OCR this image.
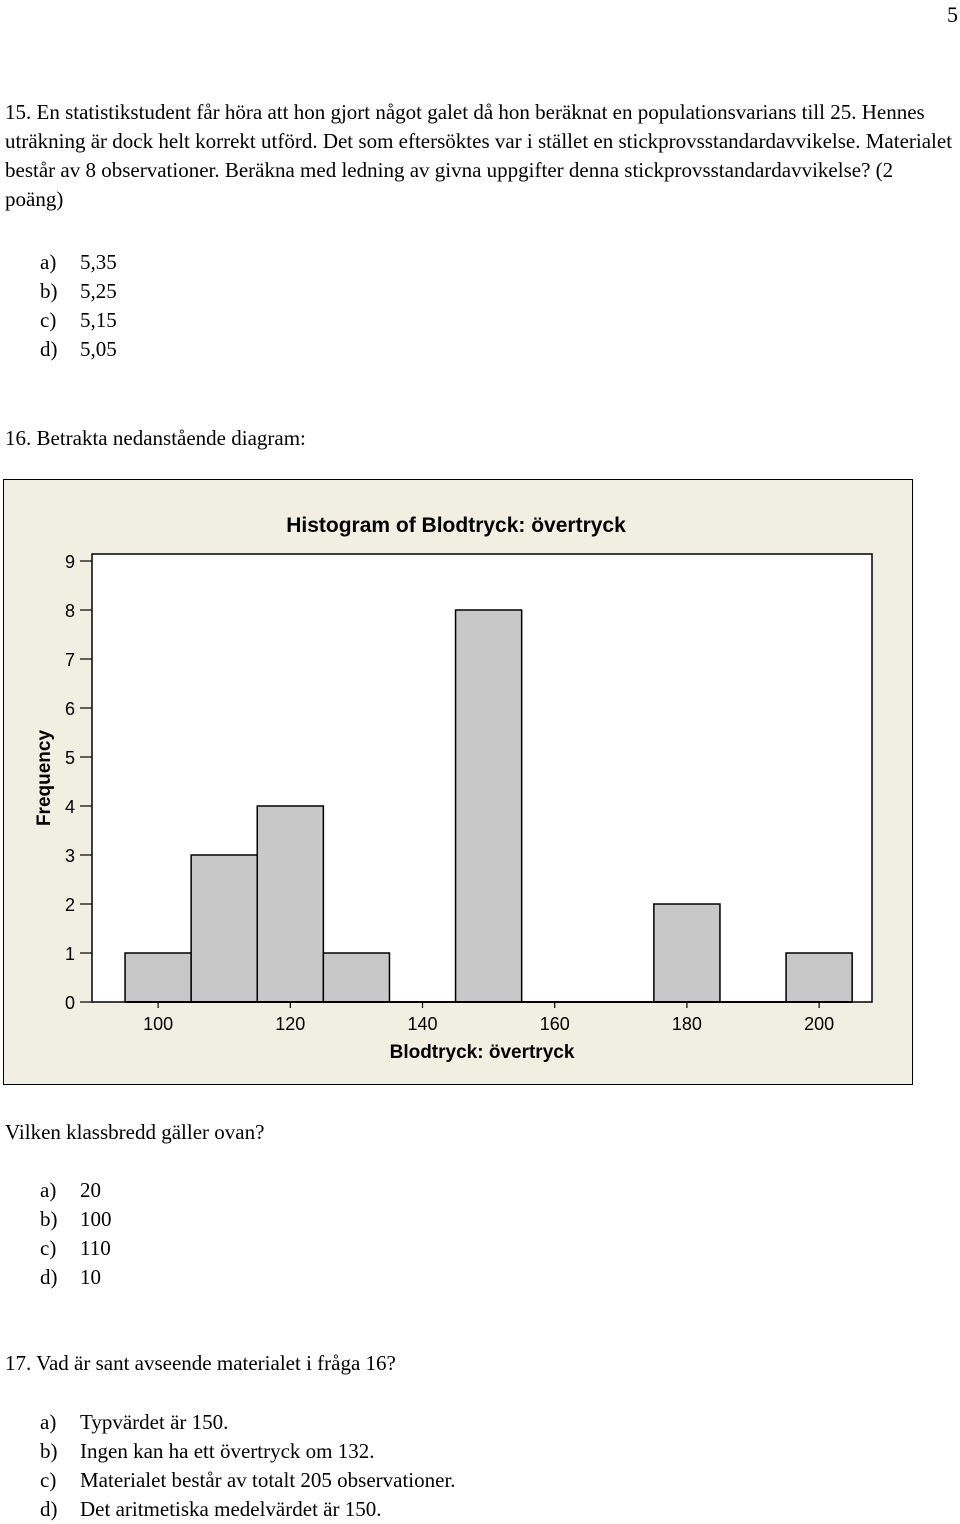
5

15. En statistikstudent får höra att hon gjort något galet då hon beräknat en populationsvarians till 25. Hennes uträkning är dock helt korrekt utförd. Det som eftersöktes var i stället en stickprovsstandardavvikelse. Materialet består av 8 observationer. Beräkna med ledning av givna uppgifter denna stickprovsstandardavvikelse? (2 poäng)

a)	5,35
b)	5,25
c)	5,15
d)	5,05

16. Betrakta nedanstående diagram:

0
1
2
3
4
5
6
7
8
9
100	120	140	160	180	200
Histogram of Blodtryck: övertryck
Blodtryck: övertryck
Frequency

Vilken klassbredd gäller ovan?

a)	20
b)	100
c)	110
d)	10

17. Vad är sant avseende materialet i fråga 16?

a)	Typvärdet är 150.
b)	Ingen kan ha ett övertryck om 132.
c)	Materialet består av totalt 205 observationer.
d)	Det aritmetiska medelvärdet är 150.
